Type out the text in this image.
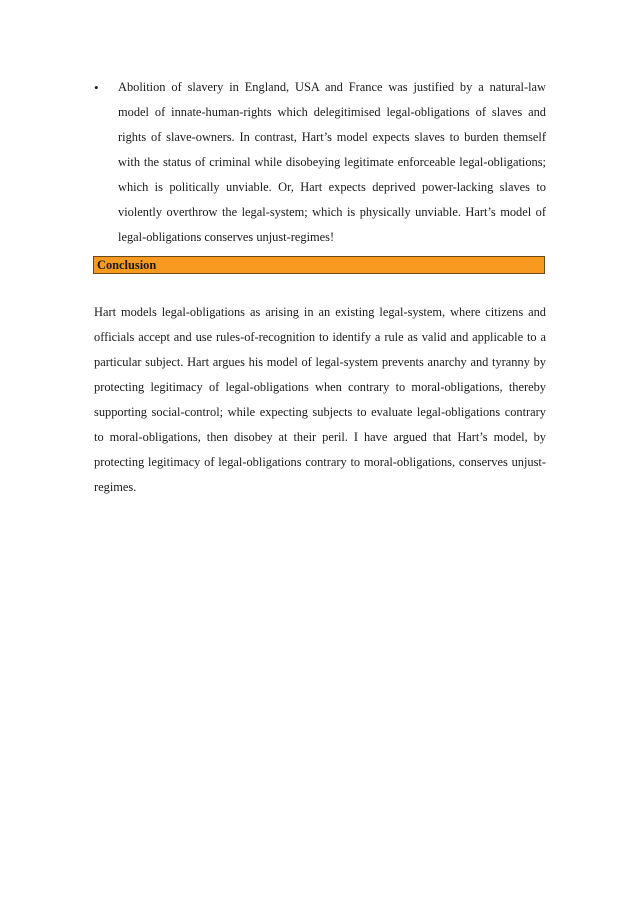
• Abolition of slavery in England, USA and France was justified by a natural-law model of innate-human-rights which delegitimised legal-obligations of slaves and rights of slave-owners. In contrast, Hart’s model expects slaves to burden themself with the status of criminal while disobeying legitimate enforceable legal-obligations; which is politically unviable. Or, Hart expects deprived power-lacking slaves to violently overthrow the legal-system; which is physically unviable. Hart’s model of legal-obligations conserves unjust-regimes!
Conclusion
Hart models legal-obligations as arising in an existing legal-system, where citizens and officials accept and use rules-of-recognition to identify a rule as valid and applicable to a particular subject. Hart argues his model of legal-system prevents anarchy and tyranny by protecting legitimacy of legal-obligations when contrary to moral-obligations, thereby supporting social-control; while expecting subjects to evaluate legal-obligations contrary to moral-obligations, then disobey at their peril. I have argued that Hart’s model, by protecting legitimacy of legal-obligations contrary to moral-obligations, conserves unjust-regimes.
